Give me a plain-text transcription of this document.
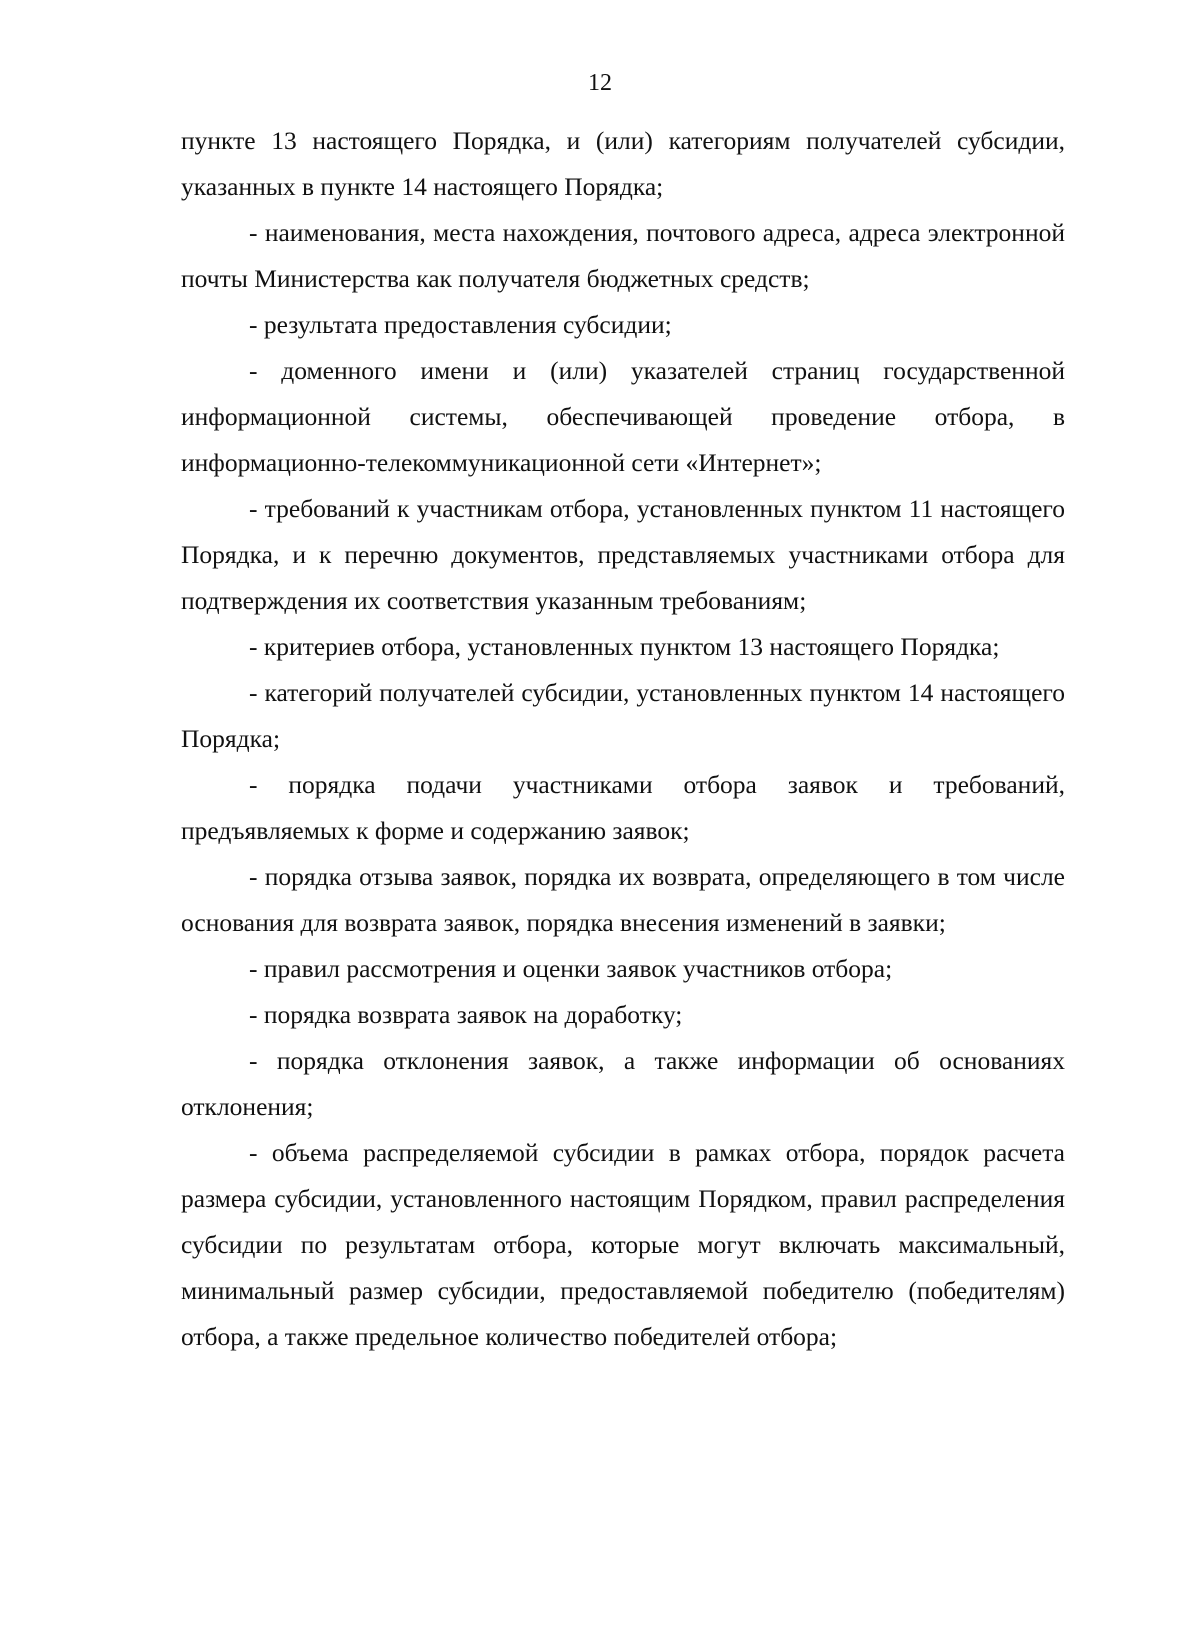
12

пункте 13 настоящего Порядка, и (или) категориям получателей субсидии, указанных в пункте 14 настоящего Порядка;

- наименования, места нахождения, почтового адреса, адреса электронной почты Министерства как получателя бюджетных средств;

- результата предоставления субсидии;

- доменного имени и (или) указателей страниц государственной информационной системы, обеспечивающей проведение отбора, в информационно-телекоммуникационной сети «Интернет»;

- требований к участникам отбора, установленных пунктом 11 настоящего Порядка, и к перечню документов, представляемых участниками отбора для подтверждения их соответствия указанным требованиям;

- критериев отбора, установленных пунктом 13 настоящего Порядка;

- категорий получателей субсидии, установленных пунктом 14 настоящего Порядка;

- порядка подачи участниками отбора заявок и требований, предъявляемых к форме и содержанию заявок;

- порядка отзыва заявок, порядка их возврата, определяющего в том числе основания для возврата заявок, порядка внесения изменений в заявки;

- правил рассмотрения и оценки заявок участников отбора;

- порядка возврата заявок на доработку;

- порядка отклонения заявок, а также информации об основаниях отклонения;

- объема распределяемой субсидии в рамках отбора, порядок расчета размера субсидии, установленного настоящим Порядком, правил распределения субсидии по результатам отбора, которые могут включать максимальный, минимальный размер субсидии, предоставляемой победителю (победителям) отбора, а также предельное количество победителей отбора;
